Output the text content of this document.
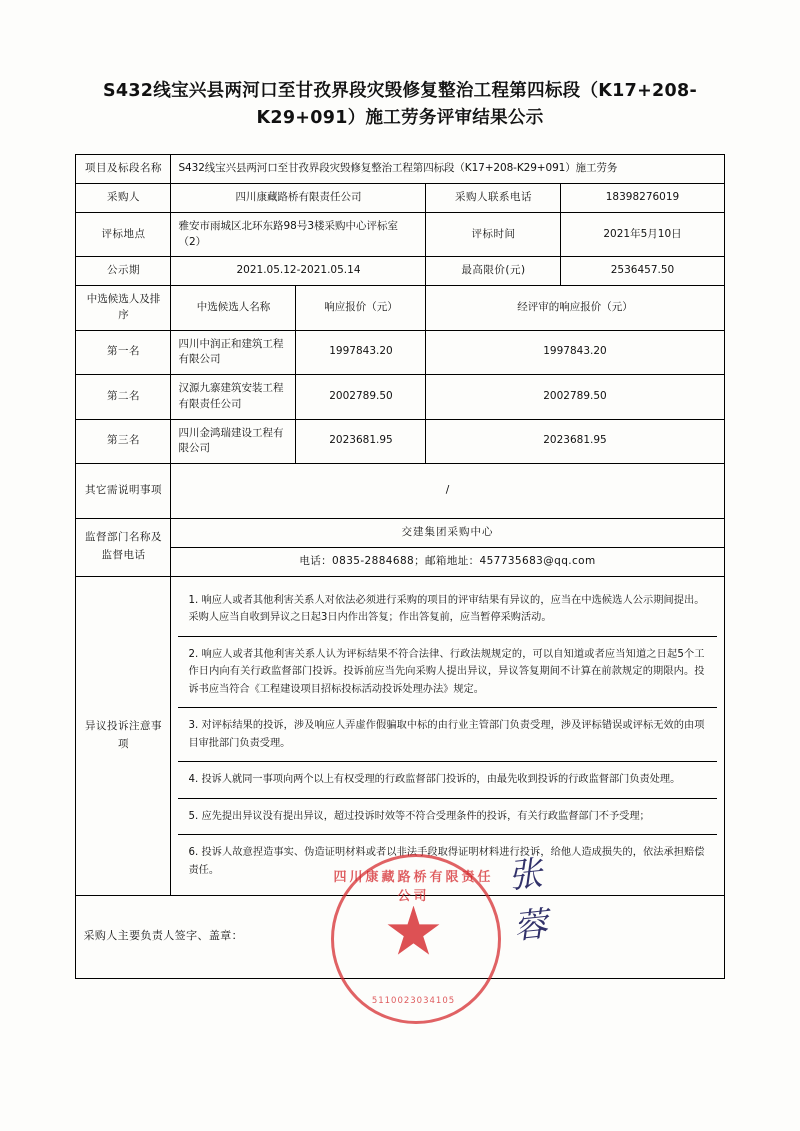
S432线宝兴县两河口至甘孜界段灾毁修复整治工程第四标段（K17+208-K29+091）施工劳务评审结果公示
项目及标段名称	S432线宝兴县两河口至甘孜界段灾毁修复整治工程第四标段（K17+208-K29+091）施工劳务
采购人	四川康藏路桥有限责任公司	采购人联系电话	18398276019
评标地点	雅安市雨城区北环东路98号3楼采购中心评标室（2）	评标时间	2021年5月10日
公示期	2021.05.12-2021.05.14	最高限价(元)	2536457.50
中选候选人及排序	中选候选人名称	响应报价（元）	经评审的响应报价（元）
第一名	四川中润正和建筑工程有限公司	1997843.20	1997843.20
第二名	汉源九寨建筑安装工程有限责任公司	2002789.50	2002789.50
第三名	四川金鸿瑞建设工程有限公司	2023681.95	2023681.95
其它需说明事项	/
监督部门名称及监督电话	交建集团采购中心
电话：0835-2884688；邮箱地址：457735683@qq.com
异议投诉注意事项	
1. 响应人或者其他利害关系人对依法必须进行采购的项目的评审结果有异议的，应当在中选候选人公示期间提出。采购人应当自收到异议之日起3日内作出答复；作出答复前，应当暂停采购活动。
2. 响应人或者其他利害关系人认为评标结果不符合法律、行政法规规定的，可以自知道或者应当知道之日起5个工作日内向有关行政监督部门投诉。投诉前应当先向采购人提出异议，异议答复期间不计算在前款规定的期限内。投诉书应当符合《工程建设项目招标投标活动投诉处理办法》规定。
3. 对评标结果的投诉，涉及响应人弄虚作假骗取中标的由行业主管部门负责受理，涉及评标错误或评标无效的由项目审批部门负责受理。
4. 投诉人就同一事项向两个以上有权受理的行政监督部门投诉的，由最先收到投诉的行政监督部门负责处理。
5. 应先提出异议没有提出异议，超过投诉时效等不符合受理条件的投诉，有关行政监督部门不予受理；
6. 投诉人故意捏造事实、伪造证明材料或者以非法手段取得证明材料进行投诉，给他人造成损失的，依法承担赔偿责任。

采购人主要负责人签字、盖章：
张蓉
四川康藏路桥有限责任公司
5110023034105
